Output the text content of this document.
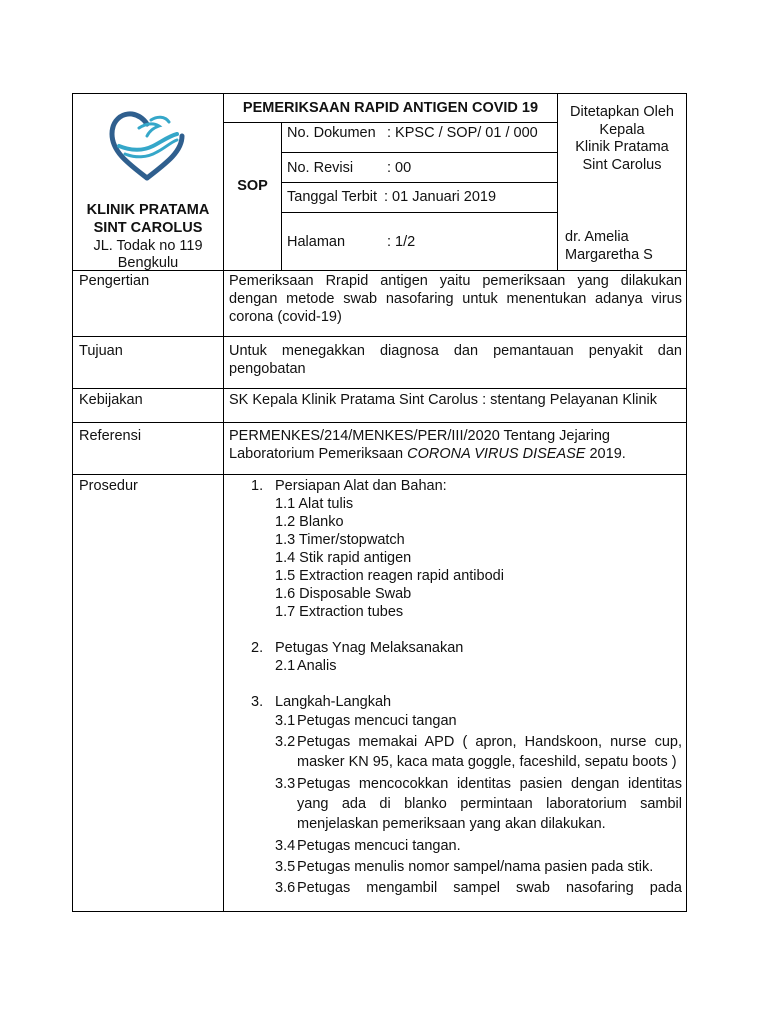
KLINIK PRATAMA
SINT CAROLUS
JL. Todak no 119
Bengkulu
PEMERIKSAAN RAPID ANTIGEN COVID 19
SOP
No. Dokumen : KPSC / SOP/ 01 / 000
No. Revisi : 00
Tanggal Terbit : 01 Januari 2019
Halaman	: 1/2
Ditetapkan Oleh
Kepala
Klinik Pratama
Sint Carolus
dr. Amelia
Margaretha S
Pengertian
Tujuan
Kebijakan
Referensi
Prosedur
Pemeriksaan Rrapid antigen yaitu pemeriksaan yang dilakukan dengan metode swab nasofaring untuk menentukan adanya virus corona (covid-19)
Untuk menegakkan diagnosa dan pemantauan penyakit dan pengobatan
SK Kepala Klinik Pratama Sint Carolus : stentang Pelayanan Klinik
PERMENKES/214/MENKES/PER/III/2020 Tentang Jejaring Laboratorium Pemeriksaan CORONA VIRUS DISEASE 2019.
1. Persiapan Alat dan Bahan:
1.1 Alat tulis
1.2 Blanko
1.3 Timer/stopwatch
1.4 Stik rapid antigen
1.5 Extraction reagen rapid antibodi
1.6 Disposable Swab
1.7 Extraction tubes
2. Petugas Ynag Melaksanakan
2.1 Analis
3. Langkah-Langkah
3.1 Petugas mencuci tangan
3.2 Petugas memakai APD ( apron, Handskoon, nurse cup, masker KN 95, kaca mata goggle, faceshild, sepatu boots )
3.3 Petugas mencocokkan identitas pasien dengan identitas yang ada di blanko permintaan laboratorium sambil menjelaskan pemeriksaan yang akan dilakukan.
3.4 Petugas mencuci tangan.
3.5 Petugas menulis nomor sampel/nama pasien pada stik.
3.6 Petugas mengambil sampel swab nasofaring pada
